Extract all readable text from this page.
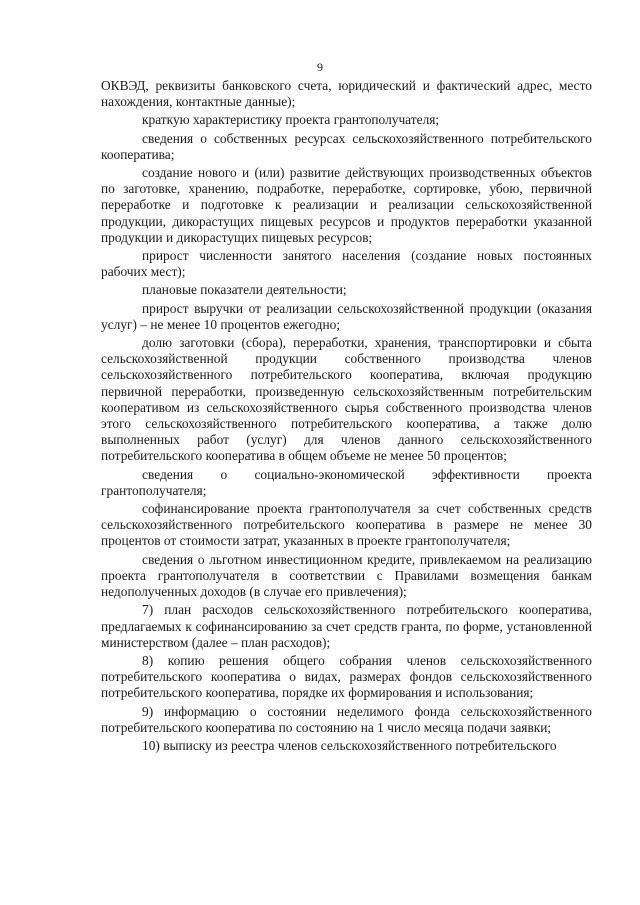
9

ОКВЭД, реквизиты банковского счета, юридический и фактический адрес, место нахождения, контактные данные);

краткую характеристику проекта грантополучателя;

сведения о собственных ресурсах сельскохозяйственного потребительского кооператива;

создание нового и (или) развитие действующих производственных объектов по заготовке, хранению, подработке, переработке, сортировке, убою, первичной переработке и подготовке к реализации и реализации сельскохозяйственной продукции, дикорастущих пищевых ресурсов и продуктов переработки указанной продукции и дикорастущих пищевых ресурсов;

прирост численности занятого населения (создание новых постоянных рабочих мест);

плановые показатели деятельности;

прирост выручки от реализации сельскохозяйственной продукции (оказания услуг) – не менее 10 процентов ежегодно;

долю заготовки (сбора), переработки, хранения, транспортировки и сбыта сельскохозяйственной продукции собственного производства членов сельскохозяйственного потребительского кооператива, включая продукцию первичной переработки, произведенную сельскохозяйственным потребительским кооперативом из сельскохозяйственного сырья собственного производства членов этого сельскохозяйственного потребительского кооператива, а также долю выполненных работ (услуг) для членов данного сельскохозяйственного потребительского кооператива в общем объеме не менее 50 процентов;

сведения о социально-экономической эффективности проекта грантополучателя;

софинансирование проекта грантополучателя за счет собственных средств сельскохозяйственного потребительского кооператива в размере не менее 30 процентов от стоимости затрат, указанных в проекте грантополучателя;

сведения о льготном инвестиционном кредите, привлекаемом на реализацию проекта грантополучателя в соответствии с Правилами возмещения банкам недополученных доходов (в случае его привлечения);

7) план расходов сельскохозяйственного потребительского кооператива, предлагаемых к софинансированию за счет средств гранта, по форме, установленной министерством (далее – план расходов);

8) копию решения общего собрания членов сельскохозяйственного потребительского кооператива о видах, размерах фондов сельскохозяйственного потребительского кооператива, порядке их формирования и использования;

9) информацию о состоянии неделимого фонда сельскохозяйственного потребительского кооператива по состоянию на 1 число месяца подачи заявки;

10) выписку из реестра членов сельскохозяйственного потребительского
